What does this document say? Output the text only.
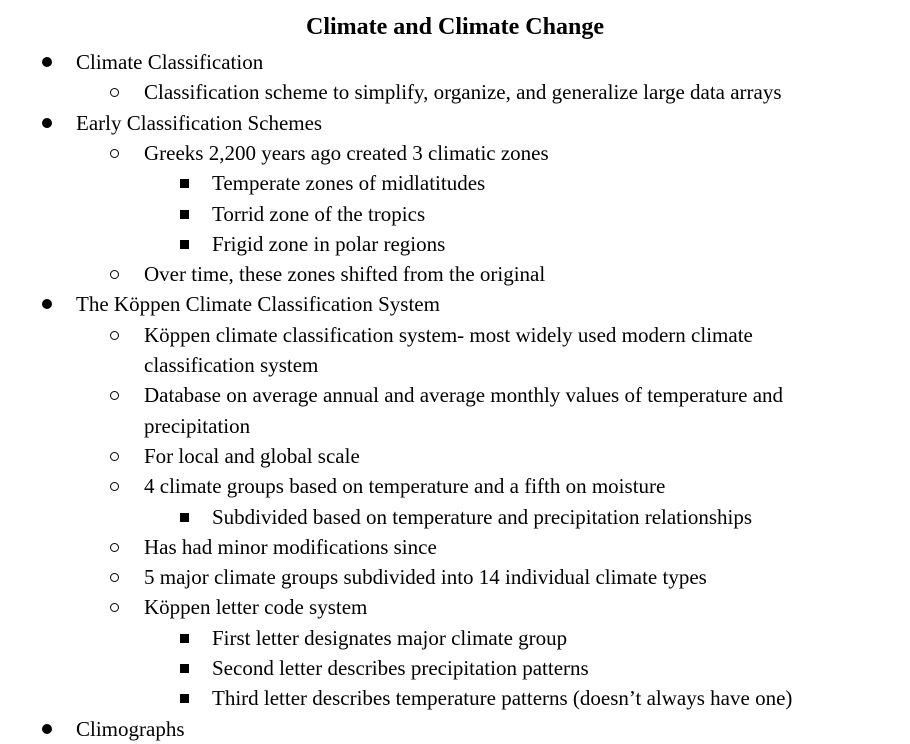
Climate and Climate Change
Climate Classification
Classification scheme to simplify, organize, and generalize large data arrays
Early Classification Schemes
Greeks 2,200 years ago created 3 climatic zones
Temperate zones of midlatitudes
Torrid zone of the tropics
Frigid zone in polar regions
Over time, these zones shifted from the original
The Köppen Climate Classification System
Köppen climate classification system- most widely used modern climate
classification system
Database on average annual and average monthly values of temperature and
precipitation
For local and global scale
4 climate groups based on temperature and a fifth on moisture
Subdivided based on temperature and precipitation relationships
Has had minor modifications since
5 major climate groups subdivided into 14 individual climate types
Köppen letter code system
First letter designates major climate group
Second letter describes precipitation patterns
Third letter describes temperature patterns (doesn’t always have one)
Climographs
